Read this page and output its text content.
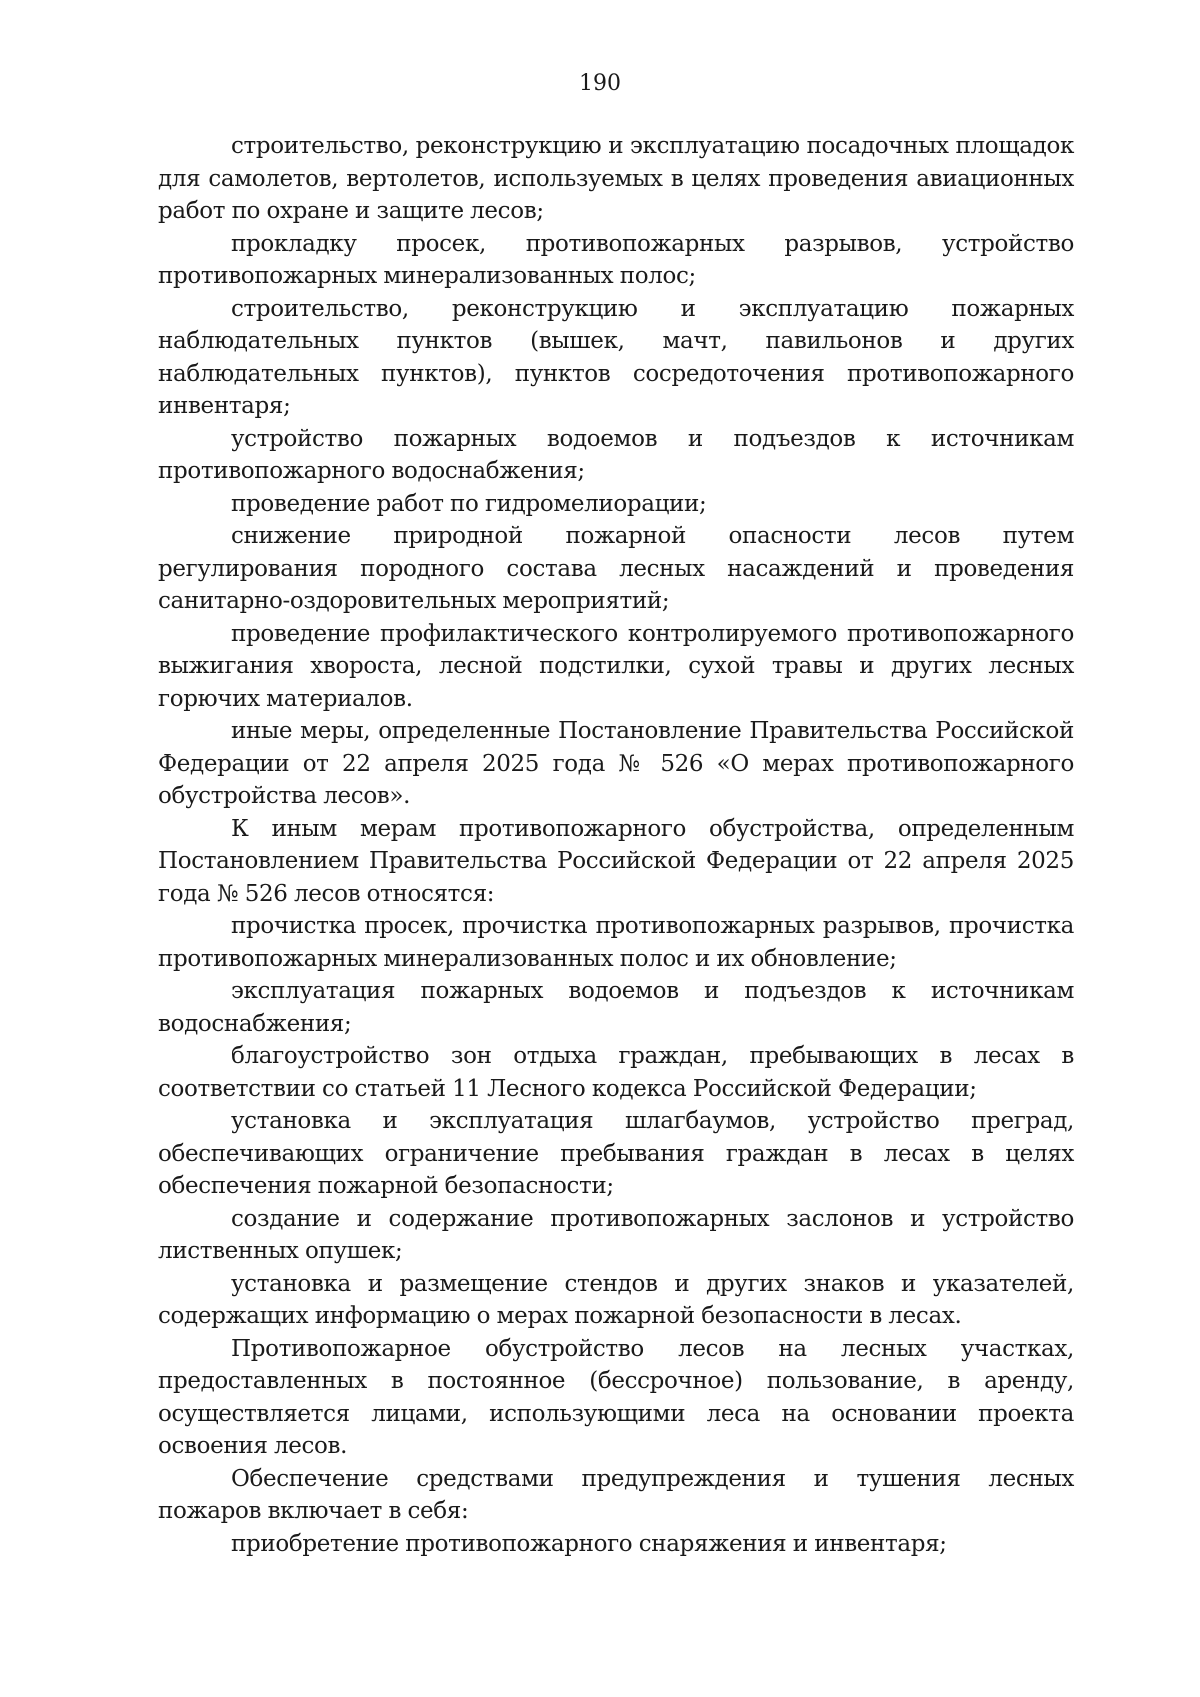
190

строительство, реконструкцию и эксплуатацию посадочных площадок для самолетов, вертолетов, используемых в целях проведения авиационных работ по охране и защите лесов;

прокладку просек, противопожарных разрывов, устройство противопожарных минерализованных полос;

строительство, реконструкцию и эксплуатацию пожарных наблюдательных пунктов (вышек, мачт, павильонов и других наблюдательных пунктов), пунктов сосредоточения противопожарного инвентаря;

устройство пожарных водоемов и подъездов к источникам противопожарного водоснабжения;

проведение работ по гидромелиорации;

снижение природной пожарной опасности лесов путем регулирования породного состава лесных насаждений и проведения санитарно-оздоровительных мероприятий;

проведение профилактического контролируемого противопожарного выжигания хвороста, лесной подстилки, сухой травы и других лесных горючих материалов.

иные меры, определенные Постановление Правительства Российской Федерации от 22 апреля 2025 года № 526 «О мерах противопожарного обустройства лесов».

К иным мерам противопожарного обустройства, определенным Постановлением Правительства Российской Федерации от 22 апреля 2025 года № 526 лесов относятся:

прочистка просек, прочистка противопожарных разрывов, прочистка противопожарных минерализованных полос и их обновление;

эксплуатация пожарных водоемов и подъездов к источникам водоснабжения;

благоустройство зон отдыха граждан, пребывающих в лесах в соответствии со статьей 11 Лесного кодекса Российской Федерации;

установка и эксплуатация шлагбаумов, устройство преград, обеспечивающих ограничение пребывания граждан в лесах в целях обеспечения пожарной безопасности;

создание и содержание противопожарных заслонов и устройство лиственных опушек;

установка и размещение стендов и других знаков и указателей, содержащих информацию о мерах пожарной безопасности в лесах.

Противопожарное обустройство лесов на лесных участках, предоставленных в постоянное (бессрочное) пользование, в аренду, осуществляется лицами, использующими леса на основании проекта освоения лесов.

Обеспечение средствами предупреждения и тушения лесных пожаров включает в себя:

приобретение противопожарного снаряжения и инвентаря;
